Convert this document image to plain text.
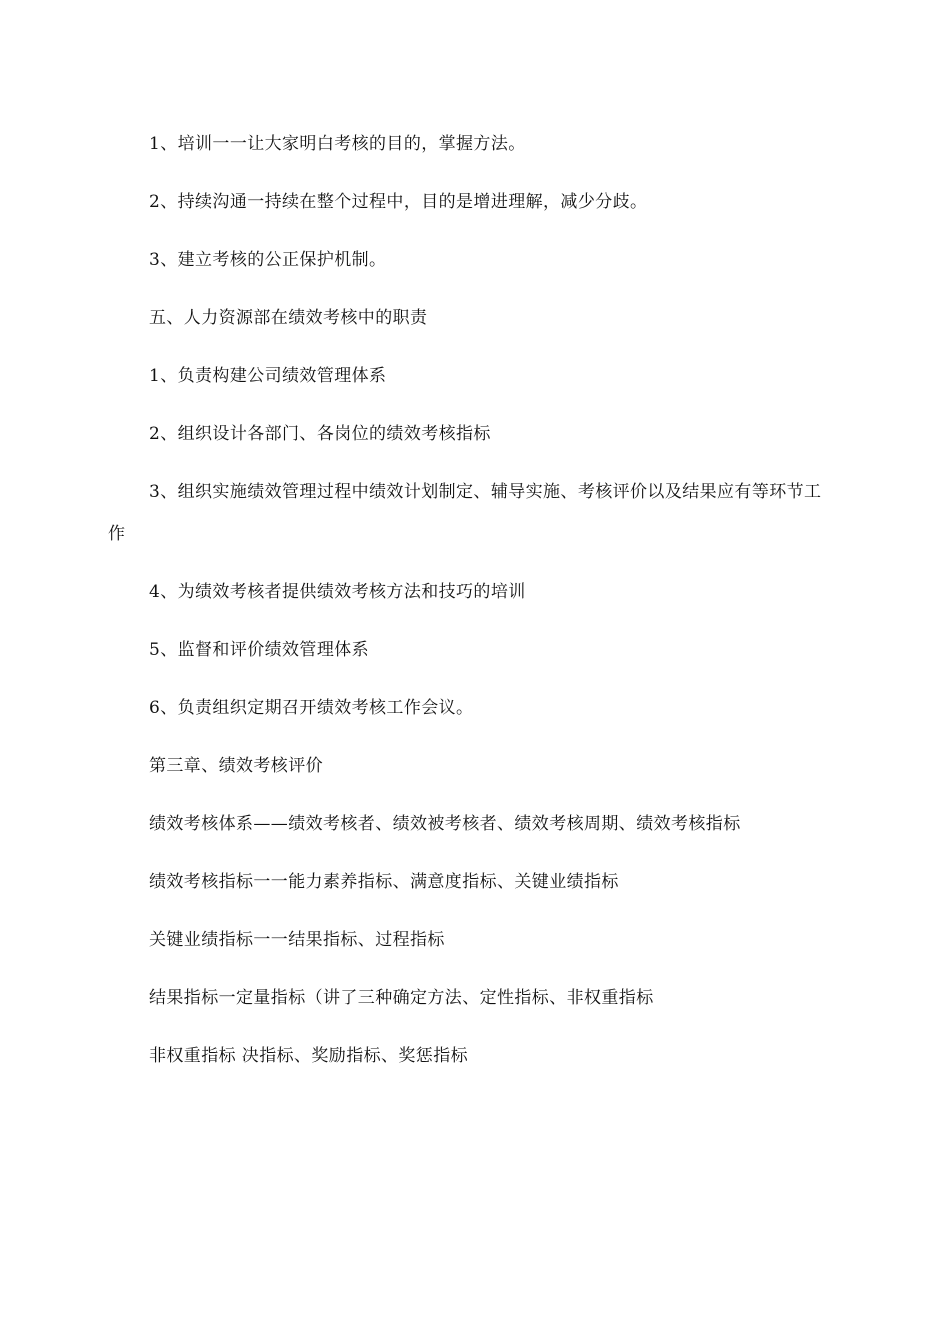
1、培训一一让大家明白考核的目的，掌握方法。

2、持续沟通一持续在整个过程中，目的是增进理解，减少分歧。

3、建立考核的公正保护机制。

五、人力资源部在绩效考核中的职责

1、负责构建公司绩效管理体系

2、组织设计各部门、各岗位的绩效考核指标

3、组织实施绩效管理过程中绩效计划制定、辅导实施、考核评价以及结果应有等环节工作

4、为绩效考核者提供绩效考核方法和技巧的培训

5、监督和评价绩效管理体系

6、负责组织定期召开绩效考核工作会议。

第三章、绩效考核评价

绩效考核体系——绩效考核者、绩效被考核者、绩效考核周期、绩效考核指标

绩效考核指标一一能力素养指标、满意度指标、关键业绩指标

关键业绩指标一一结果指标、过程指标

结果指标一定量指标（讲了三种确定方法、定性指标、非权重指标

非权重指标 决指标、奖励指标、奖惩指标
